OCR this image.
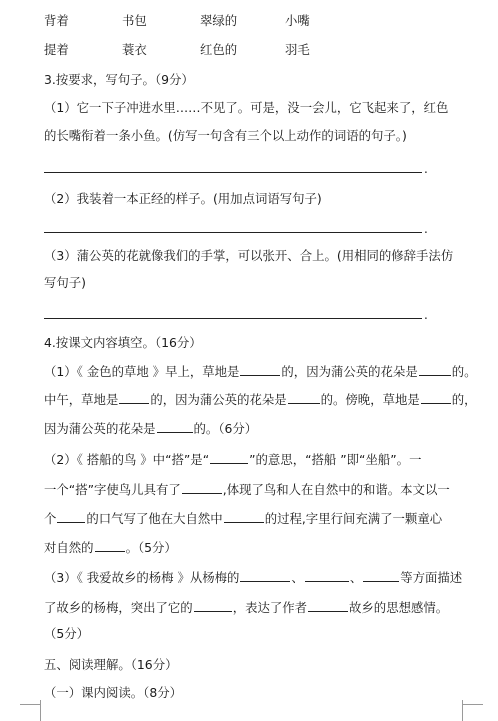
背着	书包	翠绿的	小嘴
提着	蓑衣	红色的	羽毛
3.按要求，写句子。（9分）
（1）它一下子冲进水里……不见了。可是，没一会儿，它飞起来了，红色
的长嘴衔着一条小鱼。(仿写一句含有三个以上动作的词语的句子。)
.
（2）我装着一本正经的样子。(用加点词语写句子)
.
（3）蒲公英的花就像我们的手掌，可以张开、合上。(用相同的修辞手法仿
写句子)
.
4.按课文内容填空。（16分）
（1）《 金色的草地 》早上，草地是	的，因为蒲公英的花朵是	的。
中午，草地是	的，因为蒲公英的花朵是	的。傍晚，草地是	的，
因为蒲公英的花朵是	的。（6分）
（2）《 搭船的鸟 》中“搭”是“	”的意思，“搭船 ”即“坐船”。一
一个“搭”字使鸟儿具有了	,体现了鸟和人在自然中的和谐。本文以一
个 的口气写了他在大自然中	的过程,字里行间充满了一颗童心
对自然的	。（5分）
（3）《 我爱故乡的杨梅 》从杨梅的	、	、	等方面描述
了故乡的杨梅，突出了它的	，表达了作者	故乡的思想感情。
（5分）
五、阅读理解。（16分）
（一）课内阅读。（8分）
